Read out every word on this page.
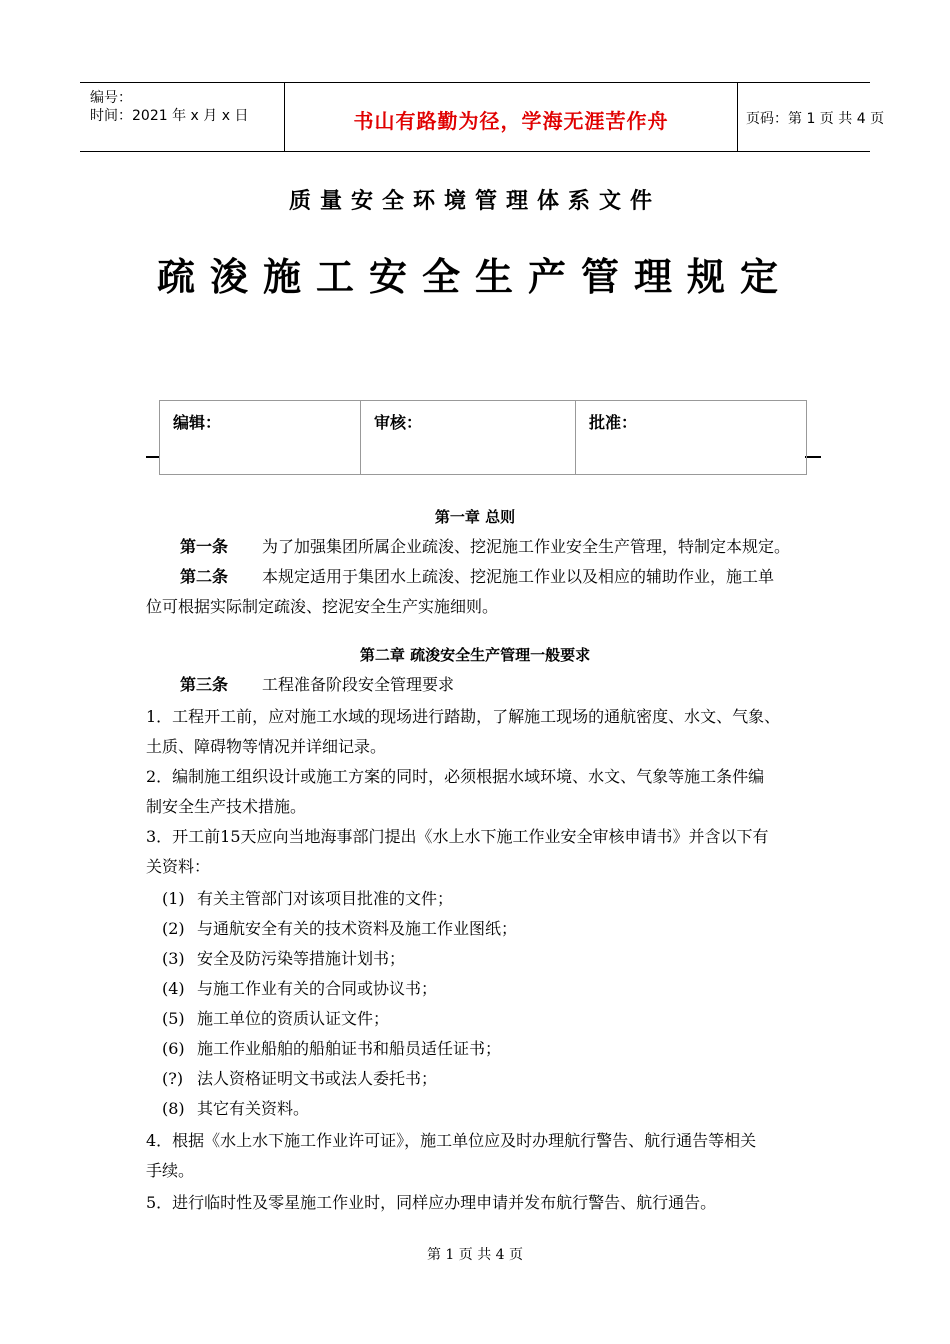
编号：
时间：2021 年 x 月 x 日	书山有路勤为径，学海无涯苦作舟	页码：第 1 页 共 4 页
质量安全环境管理体系文件
疏浚施工安全生产管理规定
编辑：	审核：	批准：
第一章 总则
第一条 为了加强集团所属企业疏浚、挖泥施工作业安全生产管理，特制定本规定。
第二条 本规定适用于集团水上疏浚、挖泥施工作业以及相应的辅助作业，施工单
位可根据实际制定疏浚、挖泥安全生产实施细则。
第二章 疏浚安全生产管理一般要求
第三条 工程准备阶段安全管理要求
1．工程开工前，应对施工水域的现场进行踏勘，了解施工现场的通航密度、水文、气象、
土质、障碍物等情况并详细记录。
2．编制施工组织设计或施工方案的同时，必须根据水域环境、水文、气象等施工条件编
制安全生产技术措施。
3．开工前15天应向当地海事部门提出《水上水下施工作业安全审核申请书》并含以下有
关资料：
(1) 有关主管部门对该项目批准的文件；
(2) 与通航安全有关的技术资料及施工作业图纸；
(3) 安全及防污染等措施计划书；
(4) 与施工作业有关的合同或协议书；
(5) 施工单位的资质认证文件；
(6) 施工作业船舶的船舶证书和船员适任证书；
(?) 法人资格证明文书或法人委托书；
(8) 其它有关资料。
4．根据《水上水下施工作业许可证》，施工单位应及时办理航行警告、航行通告等相关
手续。
5．进行临时性及零星施工作业时，同样应办理申请并发布航行警告、航行通告。
第 1 页 共 4 页
